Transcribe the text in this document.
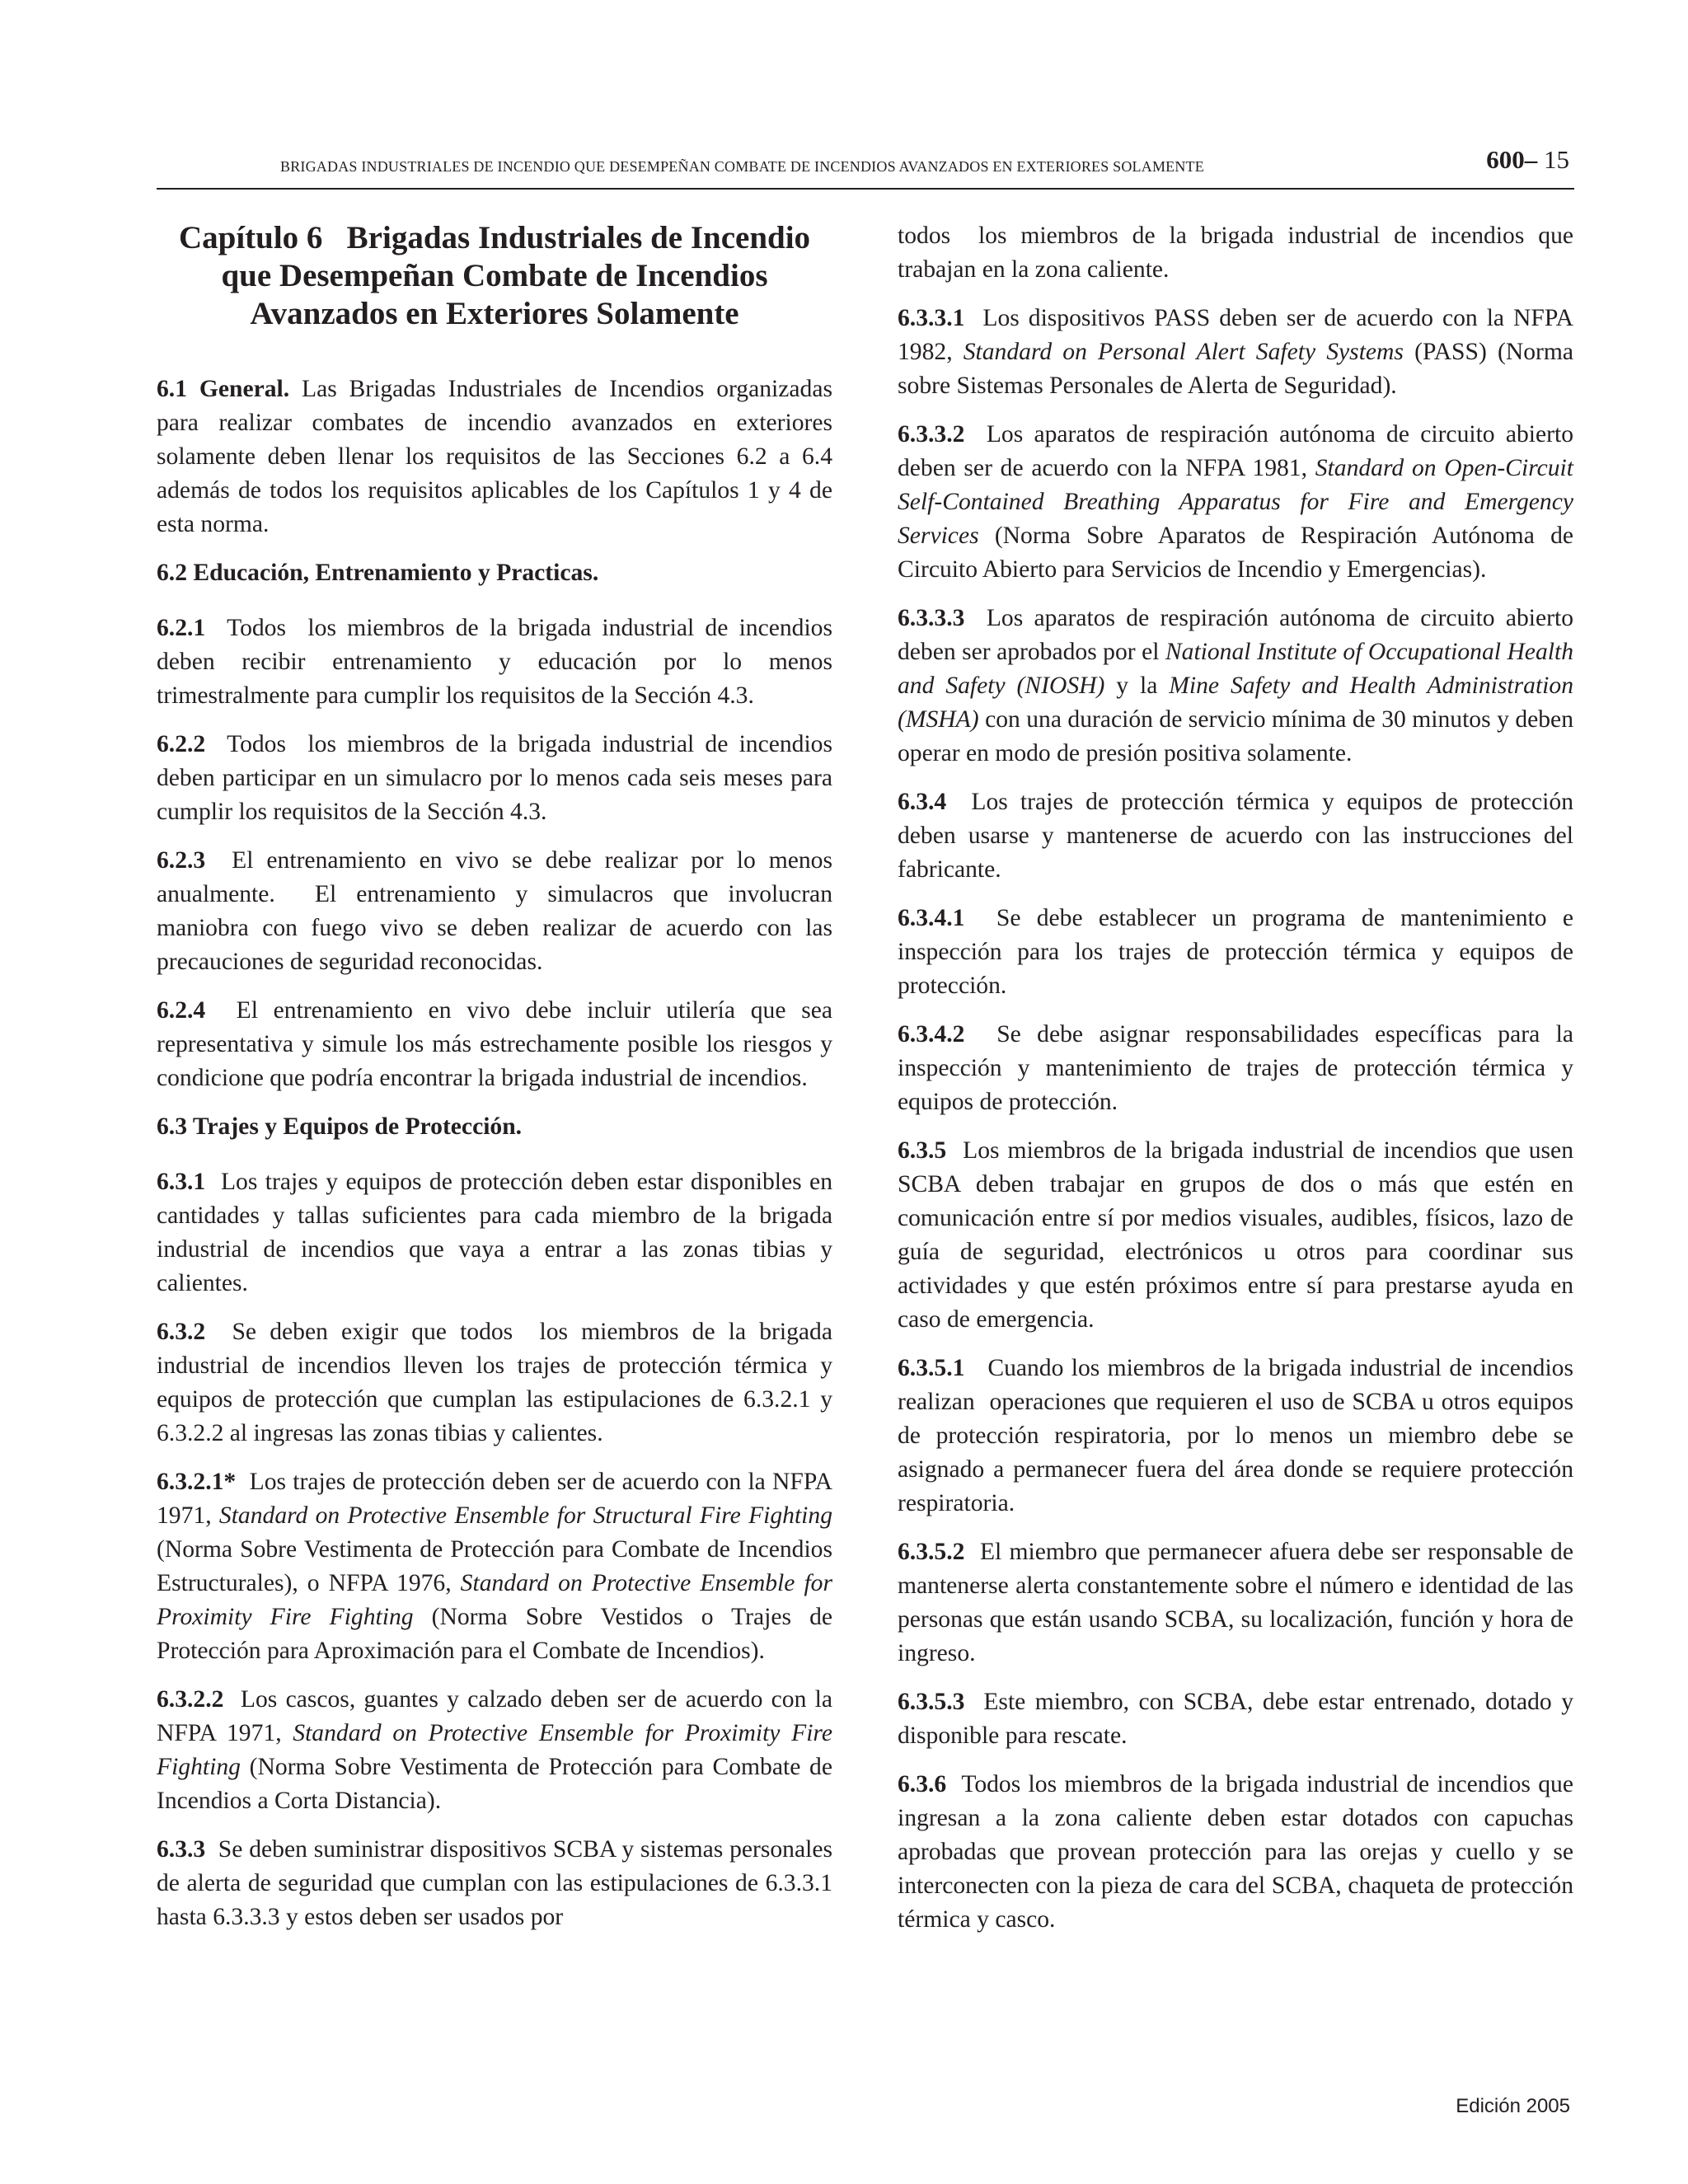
BRIGADAS INDUSTRIALES DE INCENDIO QUE DESEMPEÑAN COMBATE DE INCENDIOS AVANZADOS EN EXTERIORES SOLAMENTE	600– 15
Capítulo 6   Brigadas Industriales de Incendio
que Desempeñan Combate de Incendios
Avanzados en Exteriores Solamente

6.1 General. Las Brigadas Industriales de Incendios organizadas para realizar combates de incendio avanzados en exteriores solamente deben llenar los requisitos de las Secciones 6.2 a 6.4 además de todos los requisitos aplicables de los Capítulos 1 y 4 de esta norma.

6.2 Educación, Entrenamiento y Practicas.

6.2.1  Todos  los miembros de la brigada industrial de incendios deben recibir entrenamiento y educación por lo menos trimestralmente para cumplir los requisitos de la Sección 4.3.

6.2.2  Todos  los miembros de la brigada industrial de incendios deben participar en un simulacro por lo menos cada seis meses para cumplir los requisitos de la Sección 4.3.

6.2.3  El entrenamiento en vivo se debe realizar por lo menos anualmente.  El entrenamiento y simulacros que involucran maniobra con fuego vivo se deben realizar de acuerdo con las precauciones de seguridad reconocidas.

6.2.4  El entrenamiento en vivo debe incluir utilería que sea representativa y simule los más estrechamente posible los riesgos y condicione que podría encontrar la brigada industrial de incendios.

6.3 Trajes y Equipos de Protección.

6.3.1  Los trajes y equipos de protección deben estar disponibles en cantidades y tallas suficientes para cada miembro de la brigada industrial de incendios que vaya a entrar a las zonas tibias y calientes.

6.3.2  Se deben exigir que todos  los miembros de la brigada industrial de incendios lleven los trajes de protección térmica y equipos de protección que cumplan las estipulaciones de 6.3.2.1 y 6.3.2.2 al ingresas las zonas tibias y calientes.

6.3.2.1*  Los trajes de protección deben ser de acuerdo con la NFPA 1971, Standard on Protective Ensemble for Structural Fire Fighting (Norma Sobre Vestimenta de Protección para Combate de Incendios Estructurales), o NFPA 1976, Standard on Protective Ensemble for Proximity Fire Fighting (Norma Sobre Vestidos o Trajes de Protección para Aproximación para el Combate de Incendios).

6.3.2.2  Los cascos, guantes y calzado deben ser de acuerdo con la NFPA 1971, Standard on Protective Ensemble for Proximity Fire Fighting (Norma Sobre Vestimenta de Protección para Combate de Incendios a Corta Distancia).

6.3.3  Se deben suministrar dispositivos SCBA y sistemas personales de alerta de seguridad que cumplan con las estipulaciones de 6.3.3.1 hasta 6.3.3.3 y estos deben ser usados por

todos  los miembros de la brigada industrial de incendios que trabajan en la zona caliente.

6.3.3.1  Los dispositivos PASS deben ser de acuerdo con la NFPA 1982, Standard on Personal Alert Safety Systems (PASS) (Norma sobre Sistemas Personales de Alerta de Seguridad).

6.3.3.2  Los aparatos de respiración autónoma de circuito abierto deben ser de acuerdo con la NFPA 1981, Standard on Open-Circuit Self-Contained Breathing Apparatus for Fire and Emergency Services (Norma Sobre Aparatos de Respiración Autónoma de Circuito Abierto para Servicios de Incendio y Emergencias).

6.3.3.3  Los aparatos de respiración autónoma de circuito abierto deben ser aprobados por el National Institute of Occupational Health and Safety (NIOSH) y la Mine Safety and Health Administration (MSHA) con una duración de servicio mínima de 30 minutos y deben operar en modo de presión positiva solamente.

6.3.4  Los trajes de protección térmica y equipos de protección deben usarse y mantenerse de acuerdo con las instrucciones del fabricante.

6.3.4.1  Se debe establecer un programa de mantenimiento e inspección para los trajes de protección térmica y equipos de protección.

6.3.4.2  Se debe asignar responsabilidades específicas para la inspección y mantenimiento de trajes de protección térmica y equipos de protección.

6.3.5  Los miembros de la brigada industrial de incendios que usen SCBA deben trabajar en grupos de dos o más que estén en comunicación entre sí por medios visuales, audibles, físicos, lazo de guía de seguridad, electrónicos u otros para coordinar sus actividades y que estén próximos entre sí para prestarse ayuda en caso de emergencia.

6.3.5.1   Cuando los miembros de la brigada industrial de incendios realizan  operaciones que requieren el uso de SCBA u otros equipos de protección respiratoria, por lo menos un miembro debe se asignado a permanecer fuera del área donde se requiere protección respiratoria.

6.3.5.2  El miembro que permanecer afuera debe ser responsable de mantenerse alerta constantemente sobre el número e identidad de las personas que están usando SCBA, su localización, función y hora de ingreso.

6.3.5.3  Este miembro, con SCBA, debe estar entrenado, dotado y disponible para rescate.

6.3.6  Todos los miembros de la brigada industrial de incendios que ingresan a la zona caliente deben estar dotados con capuchas aprobadas que provean protección para las orejas y cuello y se interconecten con la pieza de cara del SCBA, chaqueta de protección térmica y casco.

Edición 2005
